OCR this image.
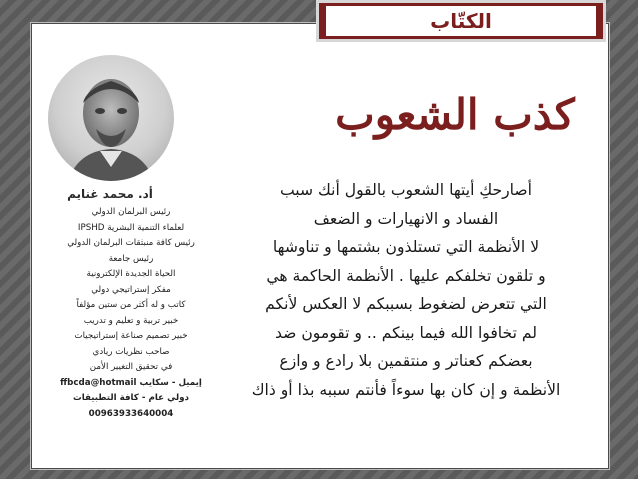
الكتّاب
أد. محمد غنايم
رئيس البرلمان الدولي
لعلماء التنمية البشرية IPSHD
رئيس كافة منبثقات البرلمان الدولي
رئيس جامعة
الحياة الجديدة الإلكترونية
مفكر إستراتيجي دولي
كاتب و له أكثر من ستين مؤلفاً
خبير تربية و تعليم و تدريب
خبير تصميم صناعة إستراتيجيات
صاحب نظريات ريادي
في تحقيق التغيير الأمن
إيميل - سكايب ffbcda@hotmail
دولي عام - كافة التطبيقات
00963933640004
كذب الشعوب
أصارحكِ أيتها الشعوب بالقول أنك سبب
الفساد و الانهيارات و الضعف
لا الأنظمة التي تستلذون بشتمها و تناوشها
و تلقون تخلفكم عليها . الأنظمة الحاكمة هي
التي تتعرض لضغوط بسببكم لا العكس لأنكم
لم تخافوا الله فيما بينكم .. و تقومون ضد
بعضكم كعناتر و منتقمين بلا رادع و وازع
الأنظمة و إن كان بها سوءاً فأنتم سببه بذا أو ذاك
